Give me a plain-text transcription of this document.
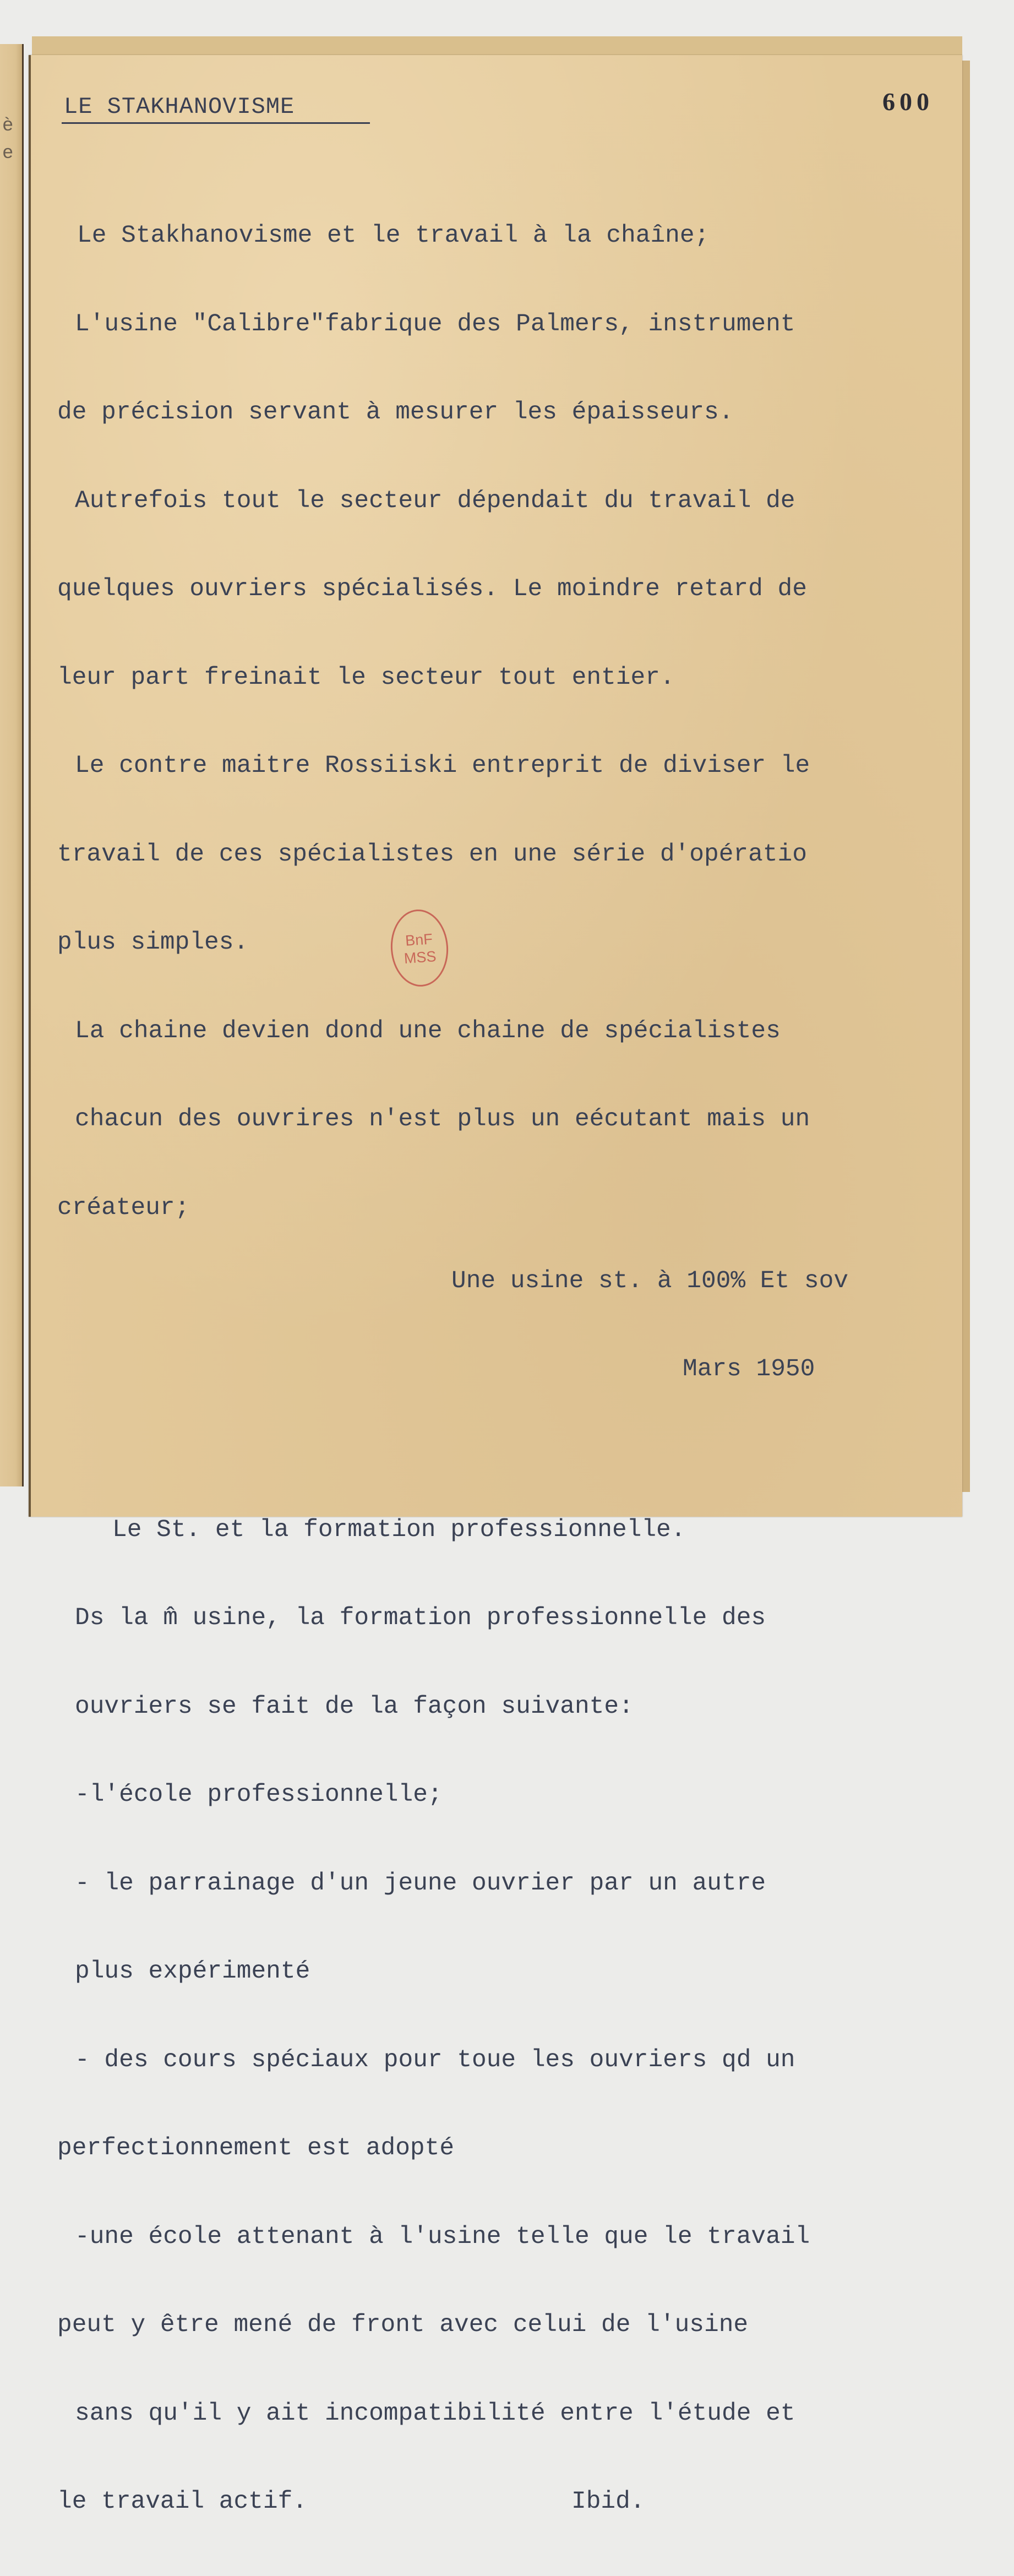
è
e
LE STAKHANOVISME	600

Le Stakhanovisme et le travail à la chaîne;

L'usine "Calibre"fabrique des Palmers, instrument

de précision servant à mesurer les épaisseurs.

Autrefois tout le secteur dépendait du travail de

quelques ouvriers spécialisés. Le moindre retard de

leur part freinait le secteur tout entier.

Le contre maitre Rossiiski entreprit de diviser le

travail de ces spécialistes en une série d'opératio

plus simples.

La chaine devien dond une chaine de spécialistes

chacun des ouvrires n'est plus un eécutant mais un

créateur;

Une usine st. à 100% Et sov

Mars 1950

Le St. et la formation professionnelle.

Ds la m̂ usine, la formation professionnelle des

ouvriers se fait de la façon suivante:

-l'école professionnelle;

- le parrainage d'un jeune ouvrier par un autre

plus expérimenté

- des cours spéciaux pour toue les ouvriers qd un

perfectionnement est adopté

-une école attenant à l'usine telle que le travail

peut y être mené de front avec celui de l'usine

sans qu'il y ait incompatibilité entre l'étude et

le travail actif.	Ibid.

BnF
MSS
